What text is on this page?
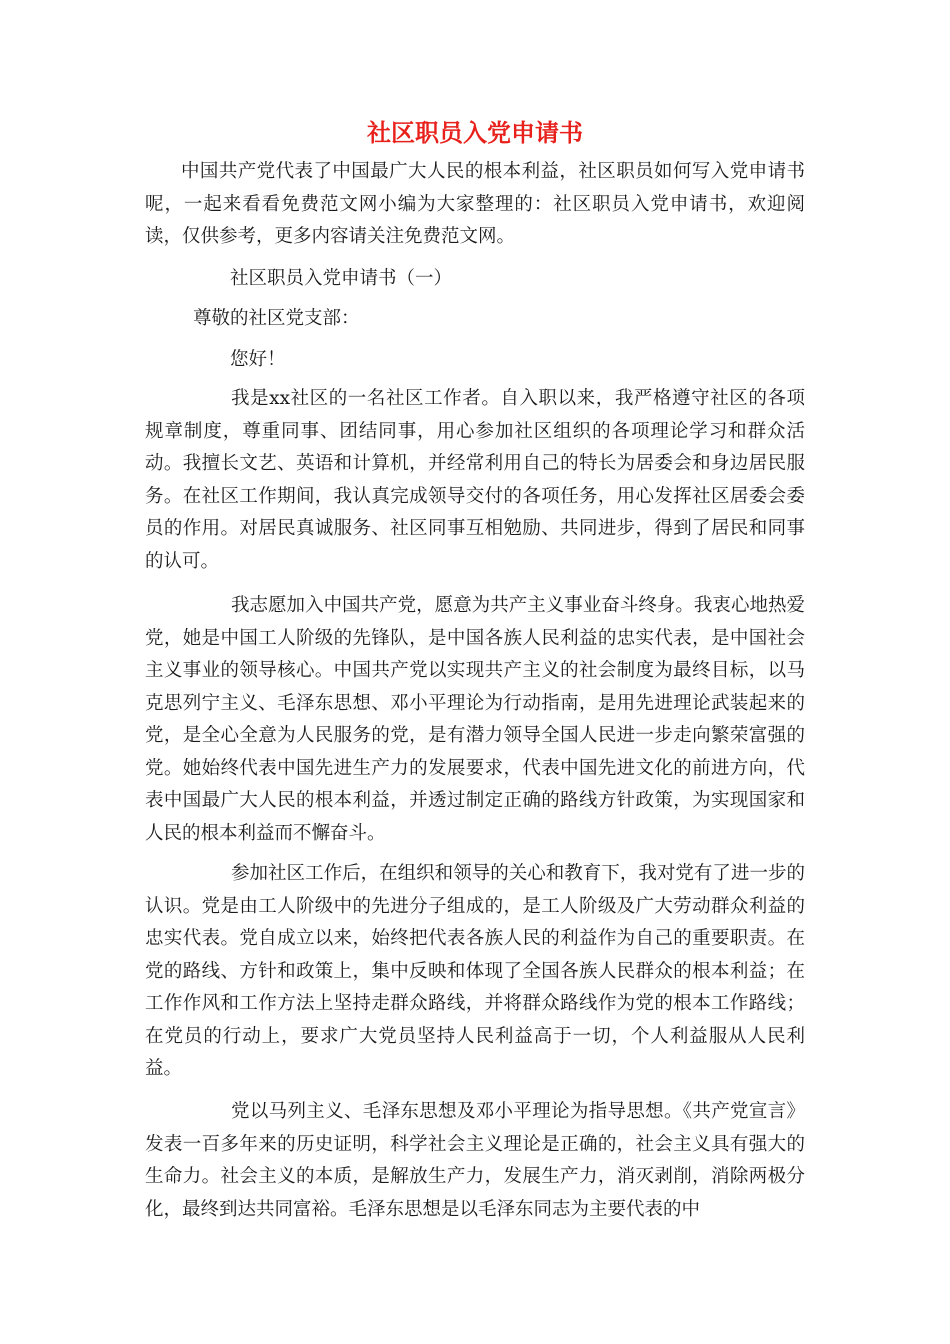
社区职员入党申请书

中国共产党代表了中国最广大人民的根本利益，社区职员如何写入党申请书呢，一起来看看免费范文网小编为大家整理的：社区职员入党申请书，欢迎阅读，仅供参考，更多内容请关注免费范文网。

社区职员入党申请书（一）

尊敬的社区党支部：

您好！

我是xx社区的一名社区工作者。自入职以来，我严格遵守社区的各项规章制度，尊重同事、团结同事，用心参加社区组织的各项理论学习和群众活动。我擅长文艺、英语和计算机，并经常利用自己的特长为居委会和身边居民服务。在社区工作期间，我认真完成领导交付的各项任务，用心发挥社区居委会委员的作用。对居民真诚服务、社区同事互相勉励、共同进步，得到了居民和同事的认可。

我志愿加入中国共产党，愿意为共产主义事业奋斗终身。我衷心地热爱党，她是中国工人阶级的先锋队，是中国各族人民利益的忠实代表，是中国社会主义事业的领导核心。中国共产党以实现共产主义的社会制度为最终目标，以马克思列宁主义、毛泽东思想、邓小平理论为行动指南，是用先进理论武装起来的党，是全心全意为人民服务的党，是有潜力领导全国人民进一步走向繁荣富强的党。她始终代表中国先进生产力的发展要求，代表中国先进文化的前进方向，代表中国最广大人民的根本利益，并透过制定正确的路线方针政策，为实现国家和人民的根本利益而不懈奋斗。

参加社区工作后，在组织和领导的关心和教育下，我对党有了进一步的认识。党是由工人阶级中的先进分子组成的，是工人阶级及广大劳动群众利益的忠实代表。党自成立以来，始终把代表各族人民的利益作为自己的重要职责。在党的路线、方针和政策上，集中反映和体现了全国各族人民群众的根本利益；在工作作风和工作方法上坚持走群众路线，并将群众路线作为党的根本工作路线；在党员的行动上，要求广大党员坚持人民利益高于一切，个人利益服从人民利益。

党以马列主义、毛泽东思想及邓小平理论为指导思想。《共产党宣言》发表一百多年来的历史证明，科学社会主义理论是正确的，社会主义具有强大的生命力。社会主义的本质，是解放生产力，发展生产力，消灭剥削，消除两极分化，最终到达共同富裕。毛泽东思想是以毛泽东同志为主要代表的中
